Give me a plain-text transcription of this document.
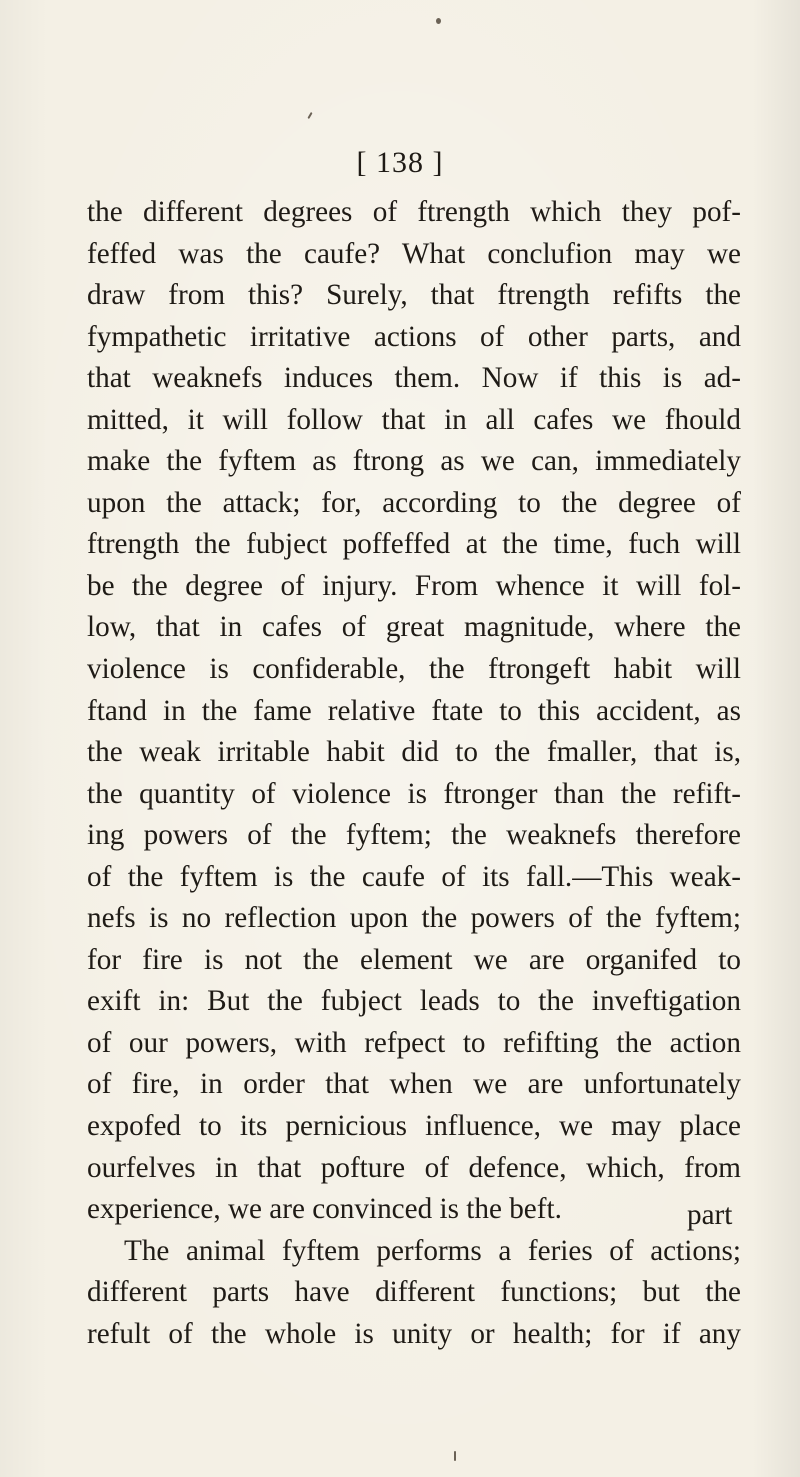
[ 138 ]
the different degrees of ftrength which they pof-
feffed was the caufe? What conclufion may we
draw from this? Surely, that ftrength refifts the
fympathetic irritative actions of other parts, and
that weaknefs induces them. Now if this is ad-
mitted, it will follow that in all cafes we fhould
make the fyftem as ftrong as we can, immediately
upon the attack; for, according to the degree of
ftrength the fubject poffeffed at the time, fuch will
be the degree of injury. From whence it will fol-
low, that in cafes of great magnitude, where the
violence is confiderable, the ftrongeft habit will
ftand in the fame relative ftate to this accident, as
the weak irritable habit did to the fmaller, that is,
the quantity of violence is ftronger than the refift-
ing powers of the fyftem; the weaknefs therefore
of the fyftem is the caufe of its fall.—This weak-
nefs is no reflection upon the powers of the fyftem;
for fire is not the element we are organifed to
exift in: But the fubject leads to the inveftigation
of our powers, with refpect to refifting the action
of fire, in order that when we are unfortunately
expofed to its pernicious influence, we may place
ourfelves in that pofture of defence, which, from
experience, we are convinced is the beft.
The animal fyftem performs a feries of actions;
different parts have different functions; but the
refult of the whole is unity or health; for if any
part
